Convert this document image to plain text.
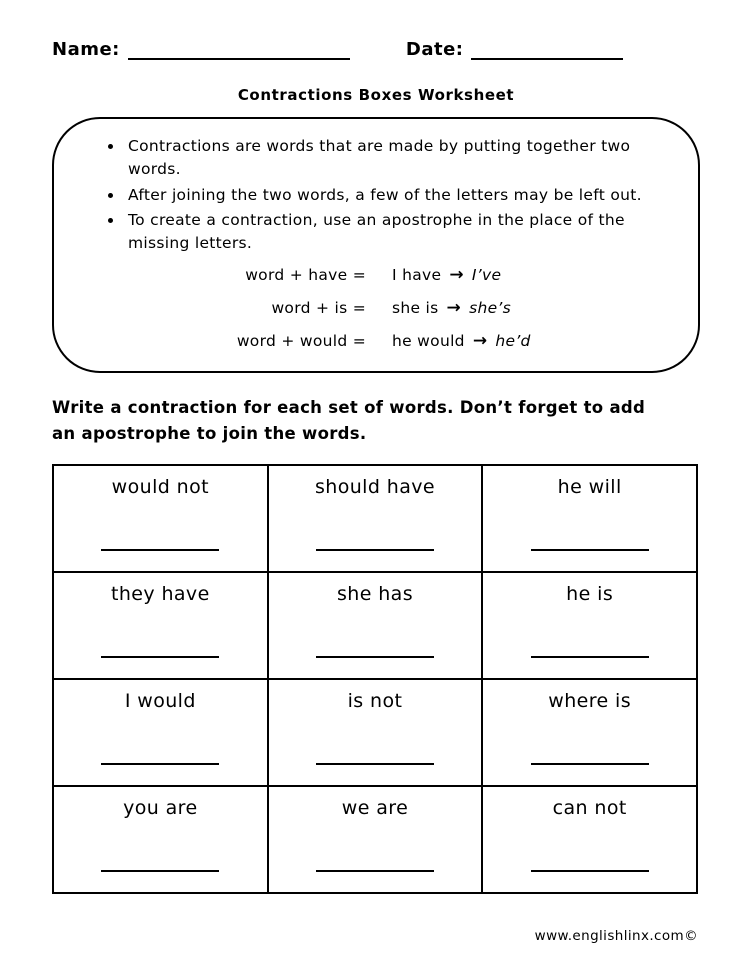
Name:	Date:
Contractions Boxes Worksheet
• Contractions are words that are made by putting together two words.
• After joining the two words, a few of the letters may be left out.
• To create a contraction, use an apostrophe in the place of the missing letters.
word + have = I have → I’ve
word + is = she is → she’s
word + would = he would → he’d
Write a contraction for each set of words. Don’t forget to add an apostrophe to join the words.
would not	should have	he will

they have	she has	he is

I would	is not	where is

you are	we are	can not
www.englishlinx.com©
